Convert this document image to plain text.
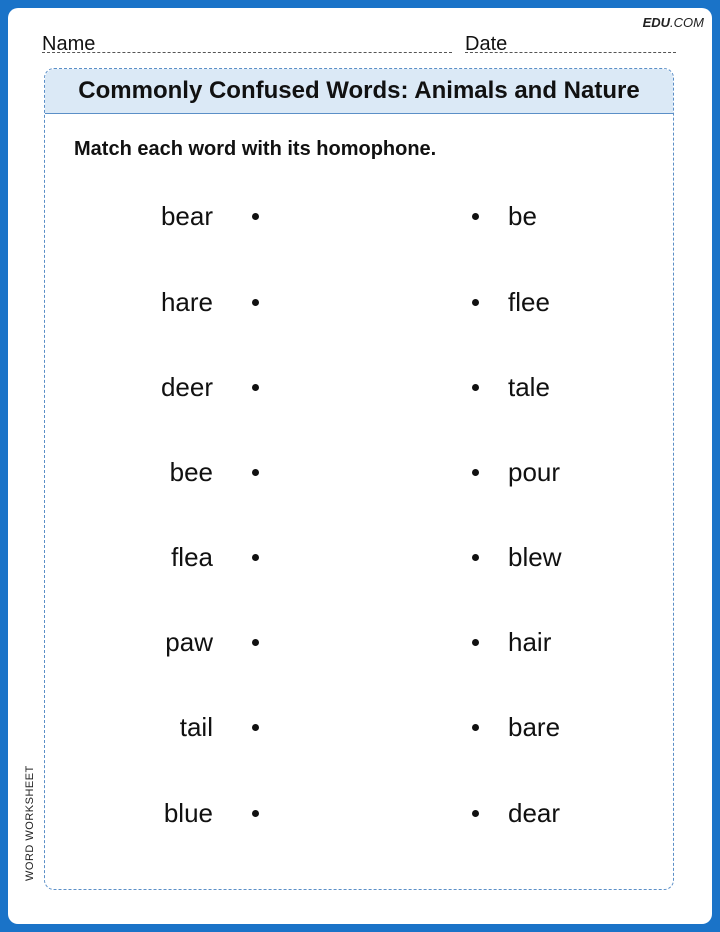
EDU.COM
Name	Date
Commonly Confused Words: Animals and Nature
Match each word with its homophone.
bear	be
hare	flee
deer	tale
bee	pour
flea	blew
paw	hair
tail	bare
blue	dear
WORD WORKSHEET
